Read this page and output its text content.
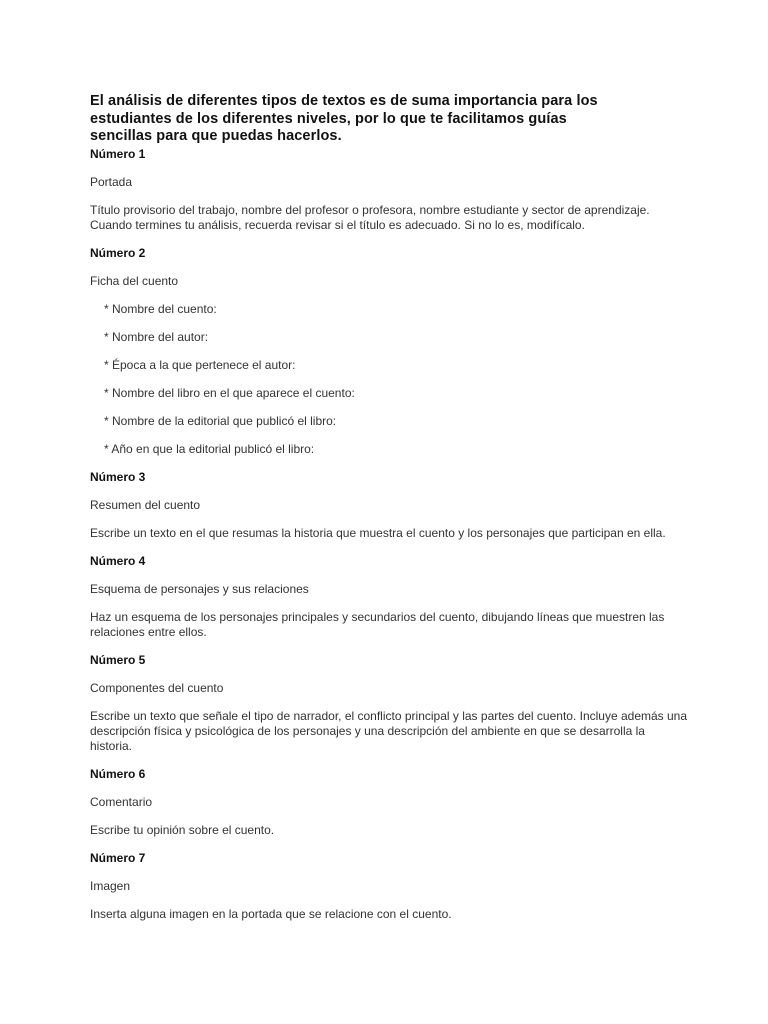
El análisis de diferentes tipos de textos es de suma importancia para los estudiantes de los diferentes niveles, por lo que te facilitamos guías sencillas para que puedas hacerlos.
Número 1
Portada
Título provisorio del trabajo, nombre del profesor o profesora, nombre estudiante y sector de aprendizaje. Cuando termines tu análisis, recuerda revisar si el título es adecuado. Si no lo es, modifícalo.
Número 2
Ficha del cuento
* Nombre del cuento:
* Nombre del autor:
* Época a la que pertenece el autor:
* Nombre del libro en el que aparece el cuento:
* Nombre de la editorial que publicó el libro:
* Año en que la editorial publicó el libro:
Número 3
Resumen del cuento
Escribe un texto en el que resumas la historia que muestra el cuento y los personajes que participan en ella.
Número 4
Esquema de personajes y sus relaciones
Haz un esquema de los personajes principales y secundarios del cuento, dibujando líneas que muestren las relaciones entre ellos.
Número 5
Componentes del cuento
Escribe un texto que señale el tipo de narrador, el conflicto principal y las partes del cuento. Incluye además una descripción física y psicológica de los personajes y una descripción del ambiente en que se desarrolla la historia.
Número 6
Comentario
Escribe tu opinión sobre el cuento.
Número 7
Imagen
Inserta alguna imagen en la portada que se relacione con el cuento.
